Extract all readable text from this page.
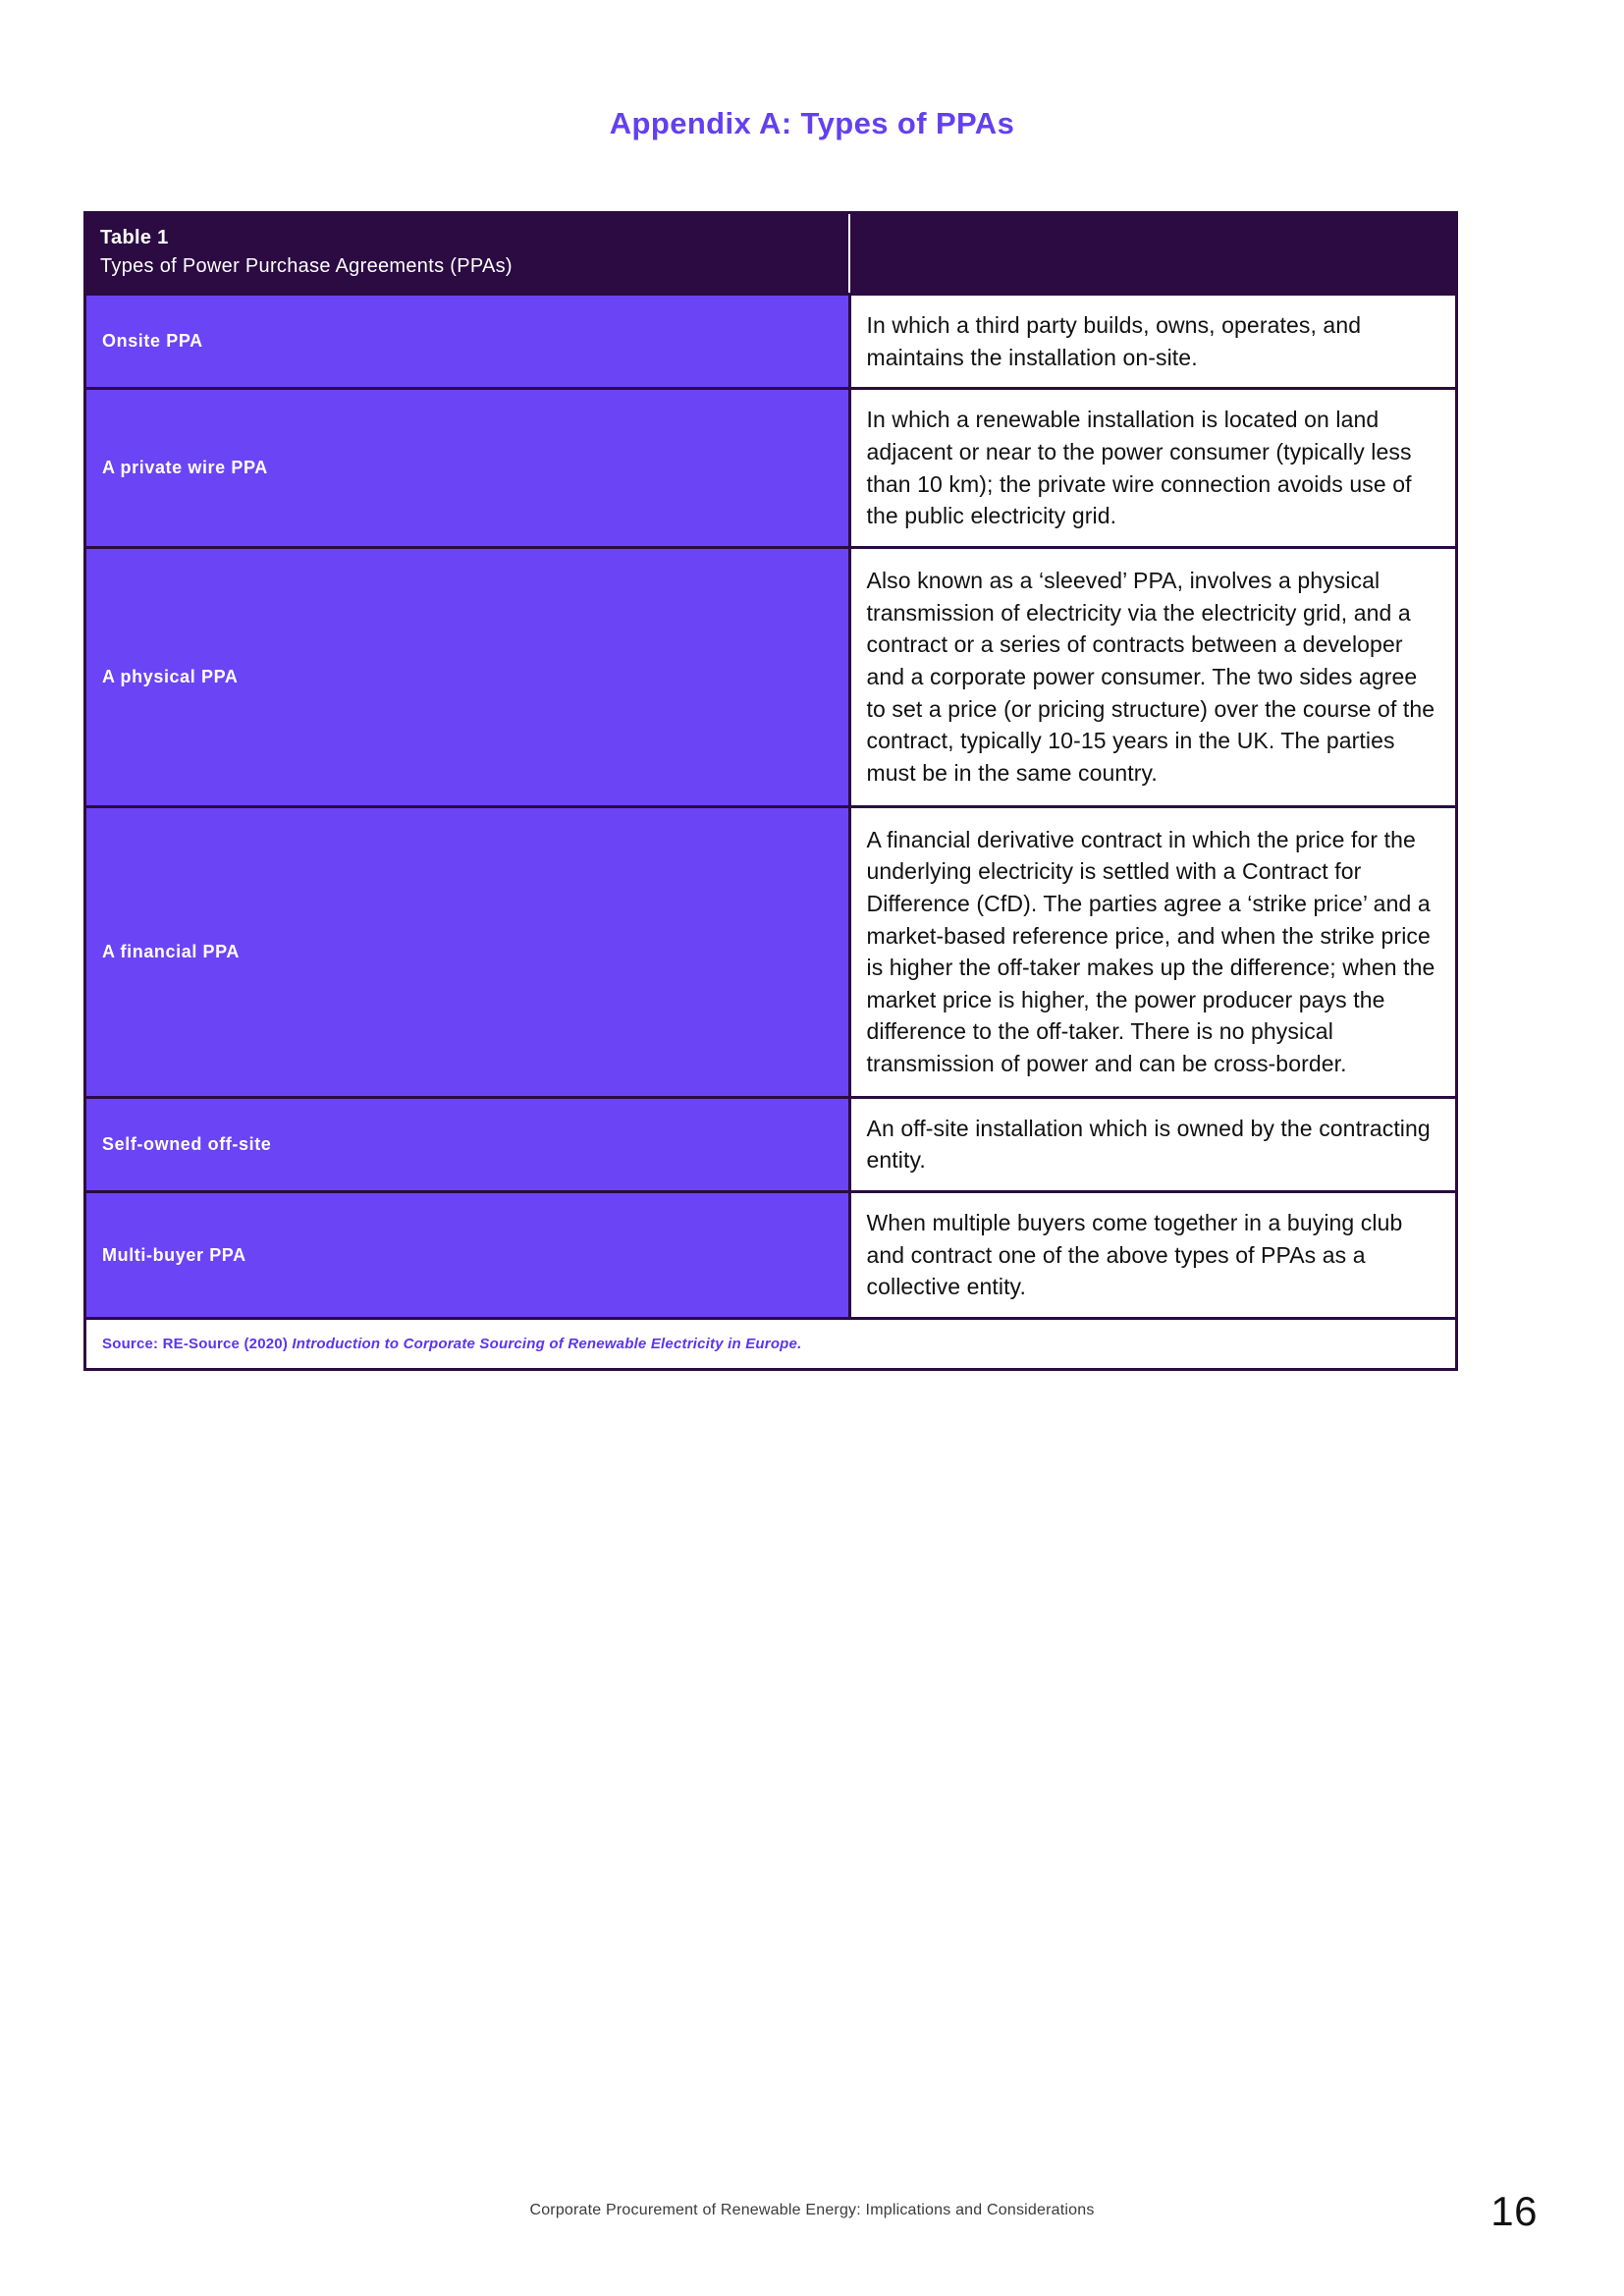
Appendix A: Types of PPAs
Table 1
Types of Power Purchase Agreements (PPAs)	

Onsite PPA	In which a third party builds, owns, operates, and maintains the installation on-site.
A private wire PPA	In which a renewable installation is located on land adjacent or near to the power consumer (typically less than 10 km); the private wire connection avoids use of the public electricity grid.
A physical PPA	Also known as a ‘sleeved’ PPA, involves a physical transmission of electricity via the electricity grid, and a contract or a series of contracts between a developer and a corporate power consumer. The two sides agree to set a price (or pricing structure) over the course of the contract, typically 10-15 years in the UK. The parties must be in the same country.
A financial PPA	A financial derivative contract in which the price for the underlying electricity is settled with a Contract for Difference (CfD). The parties agree a ‘strike price’ and a market-based reference price, and when the strike price is higher the off-taker makes up the difference; when the market price is higher, the power producer pays the difference to the off-taker. There is no physical transmission of power and can be cross-border.
Self-owned off-site	An off-site installation which is owned by the contracting entity.
Multi-buyer PPA	When multiple buyers come together in a buying club and contract one of the above types of PPAs as a collective entity.
Source: RE-Source (2020) Introduction to Corporate Sourcing of Renewable Electricity in Europe.	
Corporate Procurement of Renewable Energy: Implications and Considerations	16
